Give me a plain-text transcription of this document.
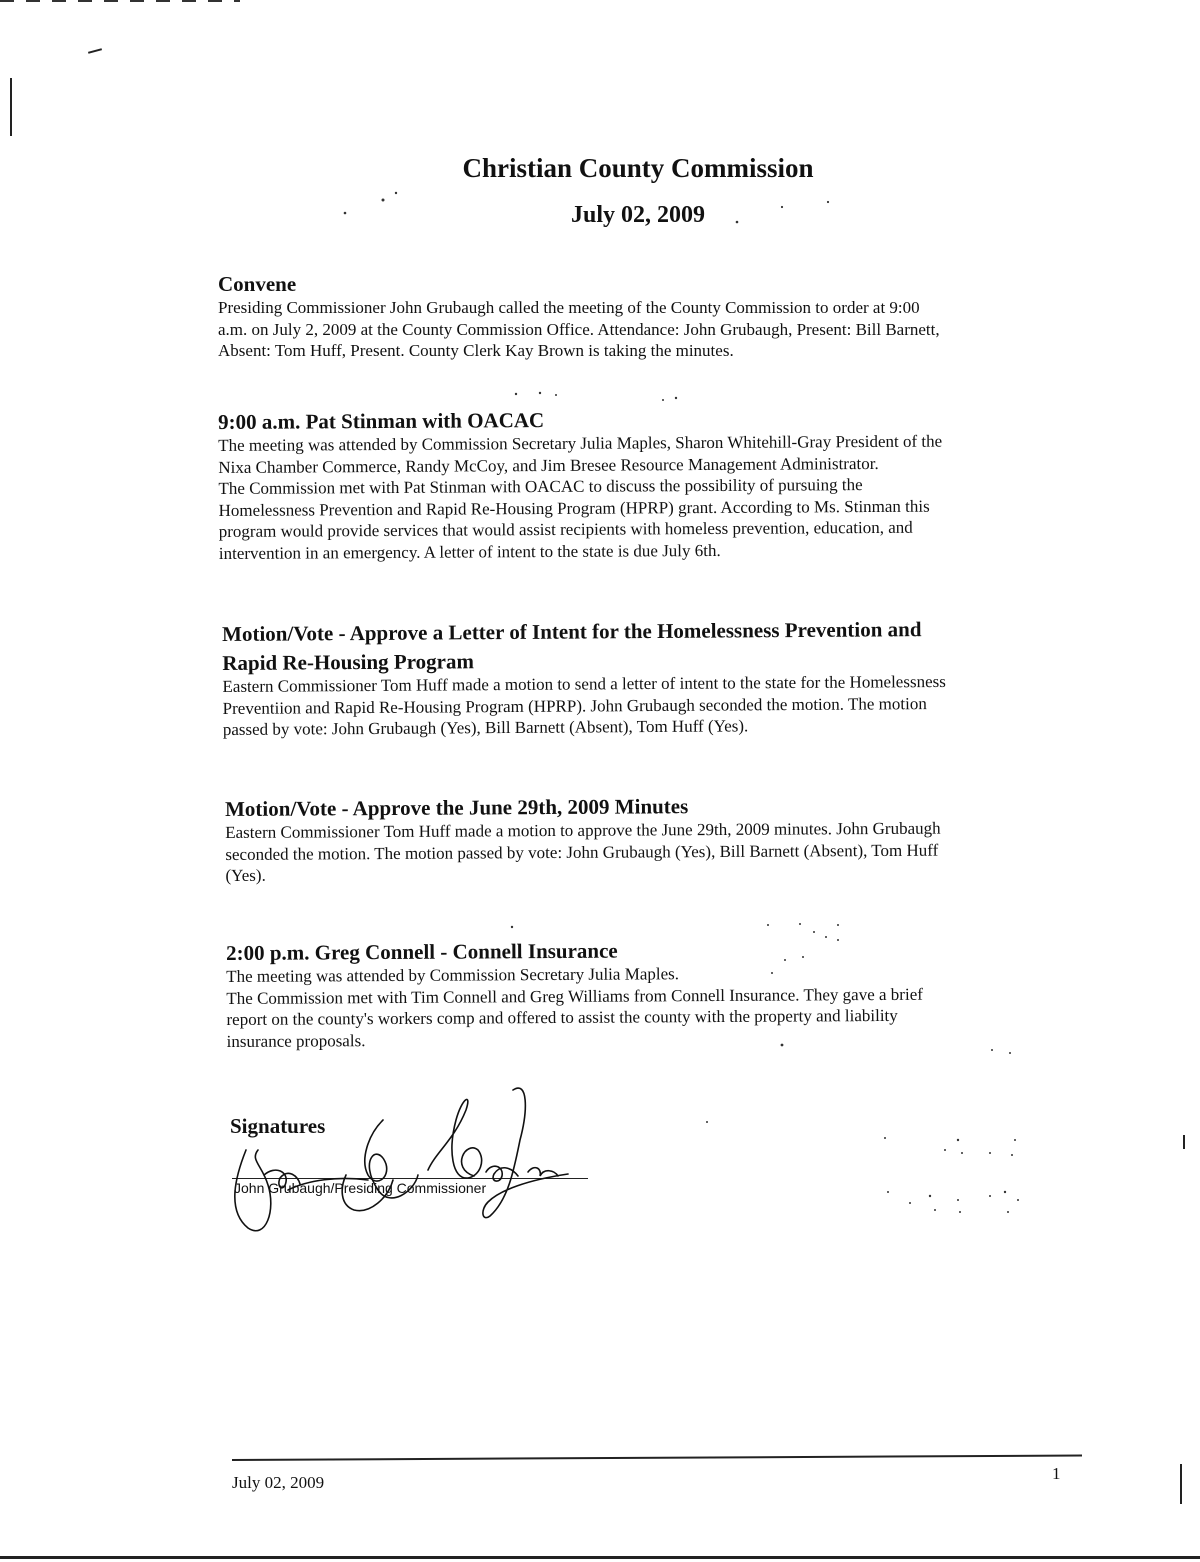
Christian County Commission
July 02, 2009
Convene

Presiding Commissioner John Grubaugh called the meeting of the County Commission to order at 9:00

a.m. on July 2, 2009 at the County Commission Office. Attendance: John Grubaugh, Present: Bill Barnett,

Absent: Tom Huff, Present. County Clerk Kay Brown is taking the minutes.

9:00 a.m. Pat Stinman with OACAC

The meeting was attended by Commission Secretary Julia Maples, Sharon Whitehill-Gray President of the

Nixa Chamber Commerce, Randy McCoy, and Jim Bresee Resource Management Administrator.

The Commission met with Pat Stinman with OACAC to discuss the possibility of pursuing the

Homelessness Prevention and Rapid Re-Housing Program (HPRP) grant. According to Ms. Stinman this

program would provide services that would assist recipients with homeless prevention, education, and

intervention in an emergency. A letter of intent to the state is due July 6th.

Motion/Vote - Approve a Letter of Intent for the Homelessness Prevention and
Rapid Re-Housing Program

Eastern Commissioner Tom Huff made a motion to send a letter of intent to the state for the Homelessness

Preventiion and Rapid Re-Housing Program (HPRP). John Grubaugh seconded the motion. The motion

passed by vote: John Grubaugh (Yes), Bill Barnett (Absent), Tom Huff (Yes).

Motion/Vote - Approve the June 29th, 2009 Minutes

Eastern Commissioner Tom Huff made a motion to approve the June 29th, 2009 minutes. John Grubaugh

seconded the motion. The motion passed by vote: John Grubaugh (Yes), Bill Barnett (Absent), Tom Huff

(Yes).

2:00 p.m. Greg Connell - Connell Insurance

The meeting was attended by Commission Secretary Julia Maples.

The Commission met with Tim Connell and Greg Williams from Connell Insurance. They gave a brief

report on the county's workers comp and offered to assist the county with the property and liability

insurance proposals.

Signatures
John Grubaugh/Presiding Commissioner
July 02, 2009	1
